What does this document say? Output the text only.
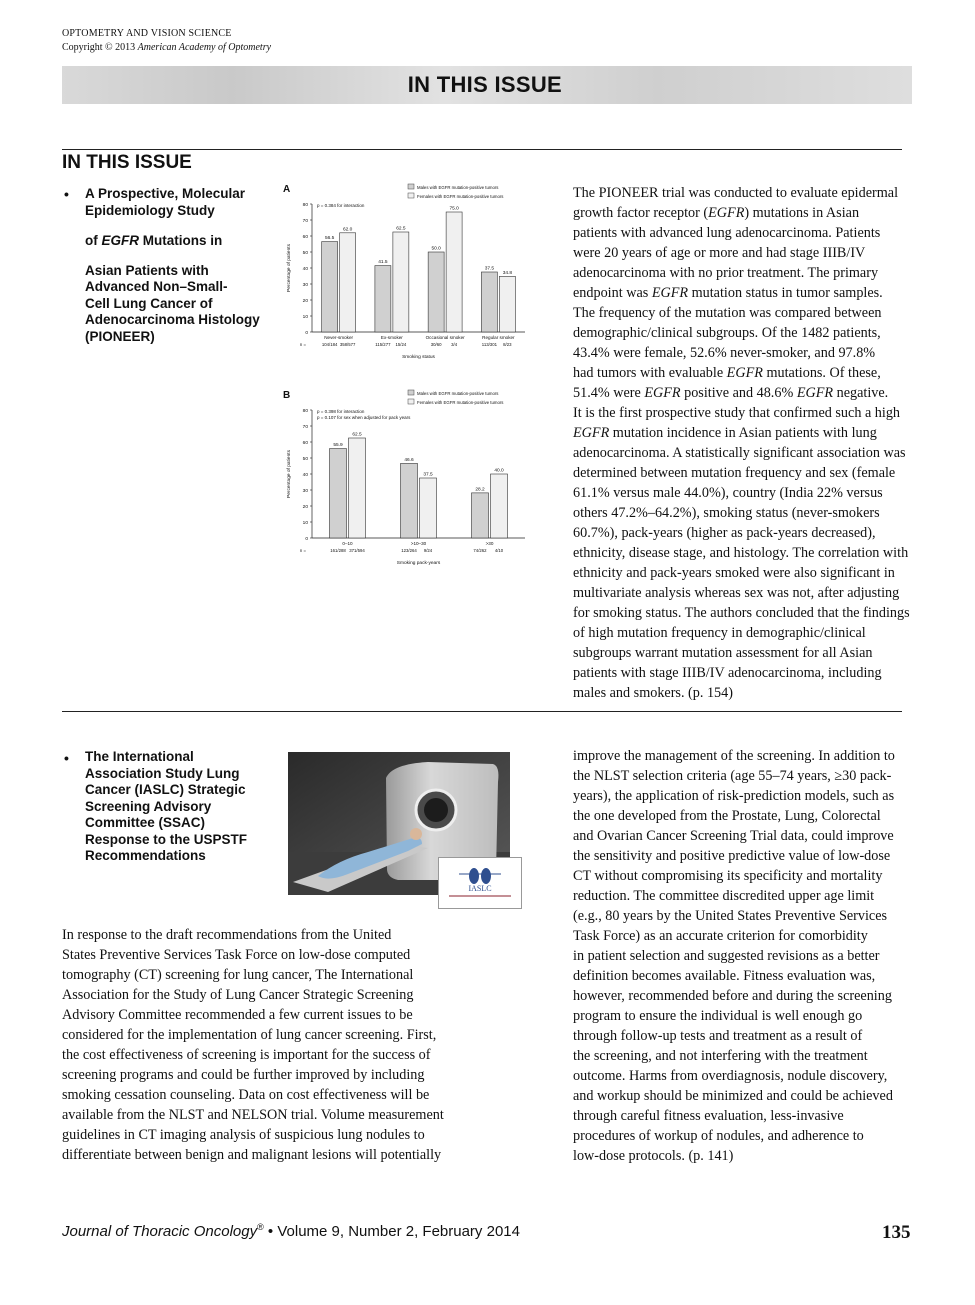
OPTOMETRY AND VISION SCIENCE
Copyright © 2013 American Academy of Optometry
IN THIS ISSUE
IN THIS ISSUE
• A Prospective, Molecular
Epidemiology Study

of EGFR Mutations in

Asian Patients with
Advanced Non–Small-
Cell Lung Cancer of
Adenocarcinoma Histology
(PIONEER)
A	Males with EGFR mutation-positive tumors
Females with EGFR mutation-positive tumors
p = 0.384 for interaction
0
10
20
30
40
50
60
70
80
Percentage of patients
Never-smoker
56.5
104/184
62.0
358/577
Ex-smoker
41.5
115/277
62.5
15/24
Occasional smoker
50.0
30/60
75.0
3/4
Regular smoker
37.5
113/301
34.8
8/23
n =
Smoking status
B	Males with EGFR mutation-positive tumors
Females with EGFR mutation-positive tumors
p = 0.398 for interaction
p = 0.107 for sex when adjusted for pack years
0
10
20
30
40
50
60
70
80
Percentage of patients
0–10
55.9
161/288
62.5
371/594
>10–30
46.6
123/264
37.5
9/24
>30
28.2
74/262
40.0
4/10
n =
Smoking pack-years

The PIONEER trial was conducted to evaluate epidermal

growth factor receptor (EGFR) mutations in Asian

patients with advanced lung adenocarcinoma. Patients

were 20 years of age or more and had stage IIIB/IV

adenocarcinoma with no prior treatment. The primary

endpoint was EGFR mutation status in tumor samples.

The frequency of the mutation was compared between

demographic/clinical subgroups. Of the 1482 patients,

43.4% were female, 52.6% never-smoker, and 97.8%

had tumors with evaluable EGFR mutations. Of these,

51.4% were EGFR positive and 48.6% EGFR negative.

It is the first prospective study that confirmed such a high

EGFR mutation incidence in Asian patients with lung

adenocarcinoma. A statistically significant association was

determined between mutation frequency and sex (female

61.1% versus male 44.0%), country (India 22% versus

others 47.2%–64.2%), smoking status (never-smokers

60.7%), pack-years (higher as pack-years decreased),

ethnicity, disease stage, and histology. The correlation with

ethnicity and pack-years smoked were also significant in

multivariate analysis whereas sex was not, after adjusting

for smoking status. The authors concluded that the findings

of high mutation frequency in demographic/clinical

subgroups warrant mutation assessment for all Asian

patients with stage IIIB/IV adenocarcinoma, including

males and smokers. (p. 154)

• The International
Association Study Lung
Cancer (IASLC) Strategic
Screening Advisory
Committee (SSAC)
Response to the USPSTF
Recommendations
IASLC

In response to the draft recommendations from the United

States Preventive Services Task Force on low-dose computed

tomography (CT) screening for lung cancer, The International

Association for the Study of Lung Cancer Strategic Screening

Advisory Committee recommended a few current issues to be

considered for the implementation of lung cancer screening. First,

the cost effectiveness of screening is important for the success of

screening programs and could be further improved by including

smoking cessation counseling. Data on cost effectiveness will be

available from the NLST and NELSON trial. Volume measurement

guidelines in CT imaging analysis of suspicious lung nodules to

differentiate between benign and malignant lesions will potentially

improve the management of the screening. In addition to

the NLST selection criteria (age 55–74 years, ≥30 pack-

years), the application of risk-prediction models, such as

the one developed from the Prostate, Lung, Colorectal

and Ovarian Cancer Screening Trial data, could improve

the sensitivity and positive predictive value of low-dose

CT without compromising its specificity and mortality

reduction. The committee discredited upper age limit

(e.g., 80 years by the United States Preventive Services

Task Force) as an accurate criterion for comorbidity

in patient selection and suggested revisions as a better

definition becomes available. Fitness evaluation was,

however, recommended before and during the screening

program to ensure the individual is well enough go

through follow-up tests and treatment as a result of

the screening, and not interfering with the treatment

outcome. Harms from overdiagnosis, nodule discovery,

and workup should be minimized and could be achieved

through careful fitness evaluation, less-invasive

procedures of workup of nodules, and adherence to

low-dose protocols. (p. 141)

Journal of Thoracic Oncology® • Volume 9, Number 2, February 2014	135
